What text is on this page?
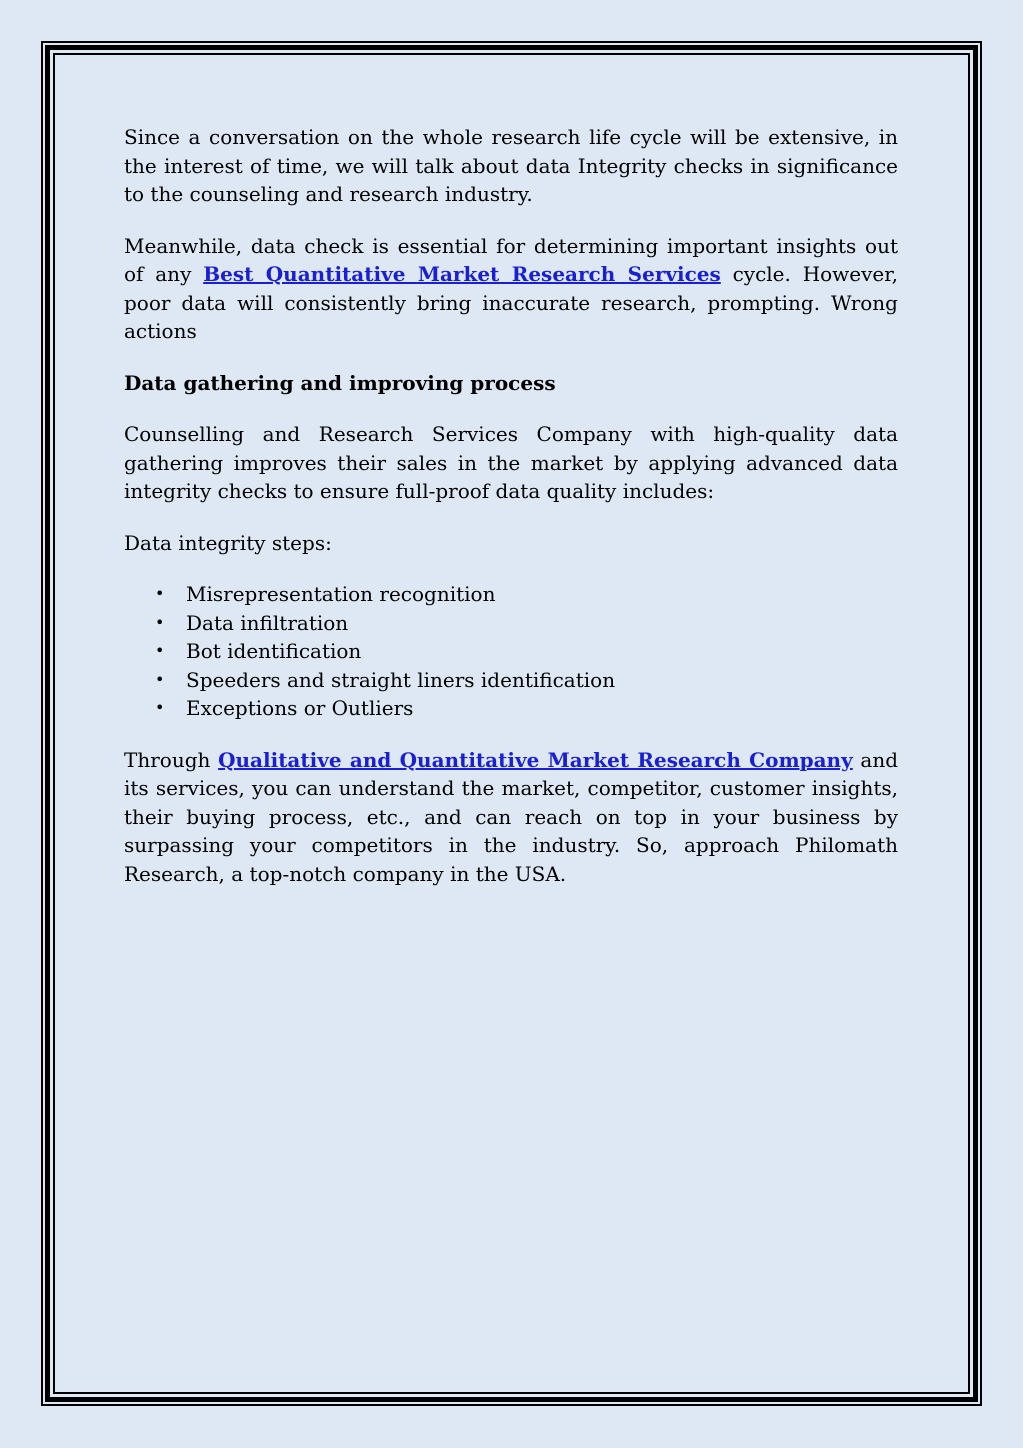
Since a conversation on the whole research life cycle will be extensive, in the interest of time, we will talk about data Integrity checks in significance to the counseling and research industry.

Meanwhile, data check is essential for determining important insights out of any Best Quantitative Market Research Services cycle. However, poor data will consistently bring inaccurate research, prompting. Wrong actions

Data gathering and improving process

Counselling and Research Services Company with high-quality data gathering improves their sales in the market by applying advanced data integrity checks to ensure full-proof data quality includes:

Data integrity steps:

• Misrepresentation recognition
• Data infiltration
• Bot identification
• Speeders and straight liners identification
• Exceptions or Outliers

Through Qualitative and Quantitative Market Research Company and its services, you can understand the market, competitor, customer insights, their buying process, etc., and can reach on top in your business by surpassing your competitors in the industry. So, approach Philomath Research, a top-notch company in the USA.
